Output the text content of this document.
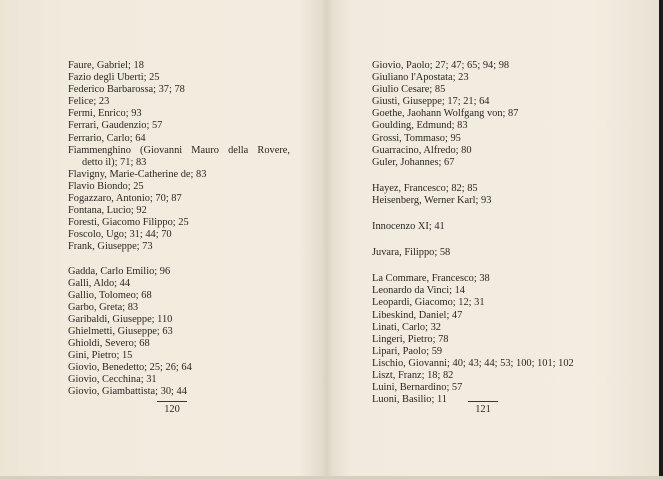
Faure, Gabriel; 18
Fazio degli Uberti; 25
Federico Barbarossa; 37; 78
Felice; 23
Fermi, Enrico; 93
Ferrari, Gaudenzio; 57
Ferrario, Carlo; 64
Fiammenghino (Giovanni Mauro della Rovere,
detto il); 71; 83
Flavigny, Marie-Catherine de; 83
Flavio Biondo; 25
Fogazzaro, Antonio; 70; 87
Fontana, Lucio; 92
Foresti, Giacomo Filippo; 25
Foscolo, Ugo; 31; 44; 70
Frank, Giuseppe; 73
Gadda, Carlo Emilio; 96
Galli, Aldo; 44
Gallio, Tolomeo; 68
Garbo, Greta; 83
Garibaldi, Giuseppe; 110
Ghielmetti, Giuseppe; 63
Ghioldi, Severo; 68
Gini, Pietro; 15
Giovio, Benedetto; 25; 26; 64
Giovio, Cecchina; 31
Giovio, Giambattista; 30; 44
120
Giovio, Paolo; 27; 47; 65; 94; 98
Giuliano l'Apostata; 23
Giulio Cesare; 85
Giusti, Giuseppe; 17; 21; 64
Goethe, Jaohann Wolfgang von; 87
Goulding, Edmund; 83
Grossi, Tommaso; 95
Guarracino, Alfredo; 80
Guler, Johannes; 67
Hayez, Francesco; 82; 85
Heisenberg, Werner Karl; 93
Innocenzo XI; 41
Juvara, Filippo; 58
La Commare, Francesco; 38
Leonardo da Vinci; 14
Leopardi, Giacomo; 12; 31
Libeskind, Daniel; 47
Linati, Carlo; 32
Lingeri, Pietro; 78
Lipari, Paolo; 59
Lischio, Giovanni; 40; 43; 44; 53; 100; 101; 102
Liszt, Franz; 18; 82
Luini, Bernardino; 57
Luoni, Basilio; 11
121
